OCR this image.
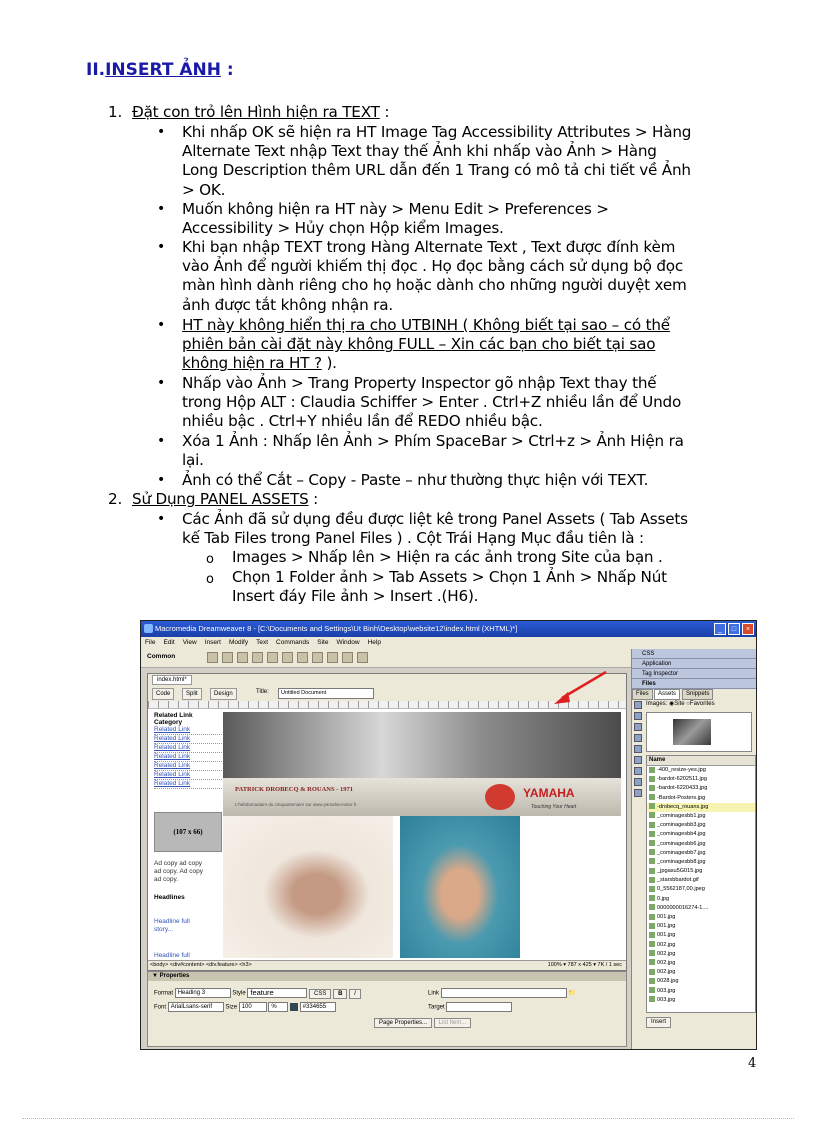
II.INSERT ẢNH :
1. Đặt con trỏ lên Hình hiện ra TEXT :
• Khi nhấp OK sẽ hiện ra HT Image Tag Accessibility Attributes > Hàng
Alternate Text nhập Text thay thế Ảnh khi nhấp vào Ảnh > Hàng
Long Description thêm URL dẫn đến 1 Trang có mô tả chi tiết về Ảnh
> OK.
• Muốn không hiện ra HT này > Menu Edit > Preferences >
Accessibility > Hủy chọn Hộp kiểm Images.
• Khi bạn nhập TEXT trong Hàng Alternate Text , Text được đính kèm
vào Ảnh để người khiếm thị đọc . Họ đọc bằng cách sử dụng bộ đọc
màn hình dành riêng cho họ hoặc dành cho những người duyệt xem
ảnh được tắt không nhận ra.
• HT này không hiển thị ra cho UTBINH ( Không biết tại sao – có thể
phiên bản cài đặt này không FULL – Xin các bạn cho biết tại sao
không hiện ra HT ? ).
• Nhấp vào Ảnh > Trang Property Inspector gõ nhập Text thay thế
trong Hộp ALT : Claudia Schiffer > Enter . Ctrl+Z nhiều lần để Undo
nhiều bậc . Ctrl+Y nhiều lần để REDO nhiều bậc.
• Xóa 1 Ảnh : Nhấp lên Ảnh > Phím SpaceBar > Ctrl+z > Ảnh Hiện ra
lại.
• Ảnh có thể Cắt – Copy - Paste – như thường thực hiện với TEXT.
2. Sử Dụng PANEL ASSETS :
• Các Ảnh đã sử dụng đều được liệt kê trong Panel Assets ( Tab Assets
kế Tab Files trong Panel Files ) . Cột Trái Hạng Mục đầu tiên là :
o Images > Nhấp lên > Hiện ra các ảnh trong Site của bạn .
o Chọn 1 Folder ảnh > Tab Assets > Chọn 1 Ảnh > Nhấp Nút
Insert đáy File ảnh > Insert .(H6).
Macromedia Dreamweaver 8 - [C:\Documents and Settings\Ut Binh\Desktop\website12\index.html (XHTML)*]	_	□	×
File Edit View Insert Modify Text Commands Site Window Help
Common
index.html*
Code	Split	Design	Title:	Untitled Document
Related Link
Category
Related Link
Related Link
Related Link
Related Link
Related Link
Related Link
Related Link
Ad copy ad copy
ad copy. Ad copy
ad copy.
Headlines
Headline full
story...
Headline full
(107 x 66)
PATRICK DROBECQ & ROUANS - 1971
L'hebdomadaire du cinquantenaire sur www.yamaha-motor.fr
YAMAHA
Touching Your Heart
<body> <div#content> <div.feature> <h3>	100% ▾ 787 x 425 ▾ 7K / 1 sec
▼ Properties
Format Heading 3	Style feature	CSS B I	Link	📁
Font ArialLsans-serif Size 100	%	#334655	Target
Page Properties... List Item...
CSS
Application
Tag Inspector
Files
Files	Assets	Snippets
Images: ◉Site ○Favorites
Name
-400_resize-yes.jpg
-bardot-6202511.jpg
-bardot-6220433.jpg
-Bardot-Posters.jpg
-drobecq_rouans.jpg
_cominagesbb1.jpg
_cominagesbb3.jpg
_cominagesbb4.jpg
_cominagesbb6.jpg
_cominagesbb7.jpg
_cominagesbb8.jpg
_jpgasu5G015.jpg
_starsbbardot.gif
0_5562187,00.jpeg
0.jpg
0000000016274-1....
001.jpg
001.jpg
001.jpg
002.jpg
002.jpg
002.jpg
002.jpg
0028.jpg
003.jpg
003.jpg
Insert
4
